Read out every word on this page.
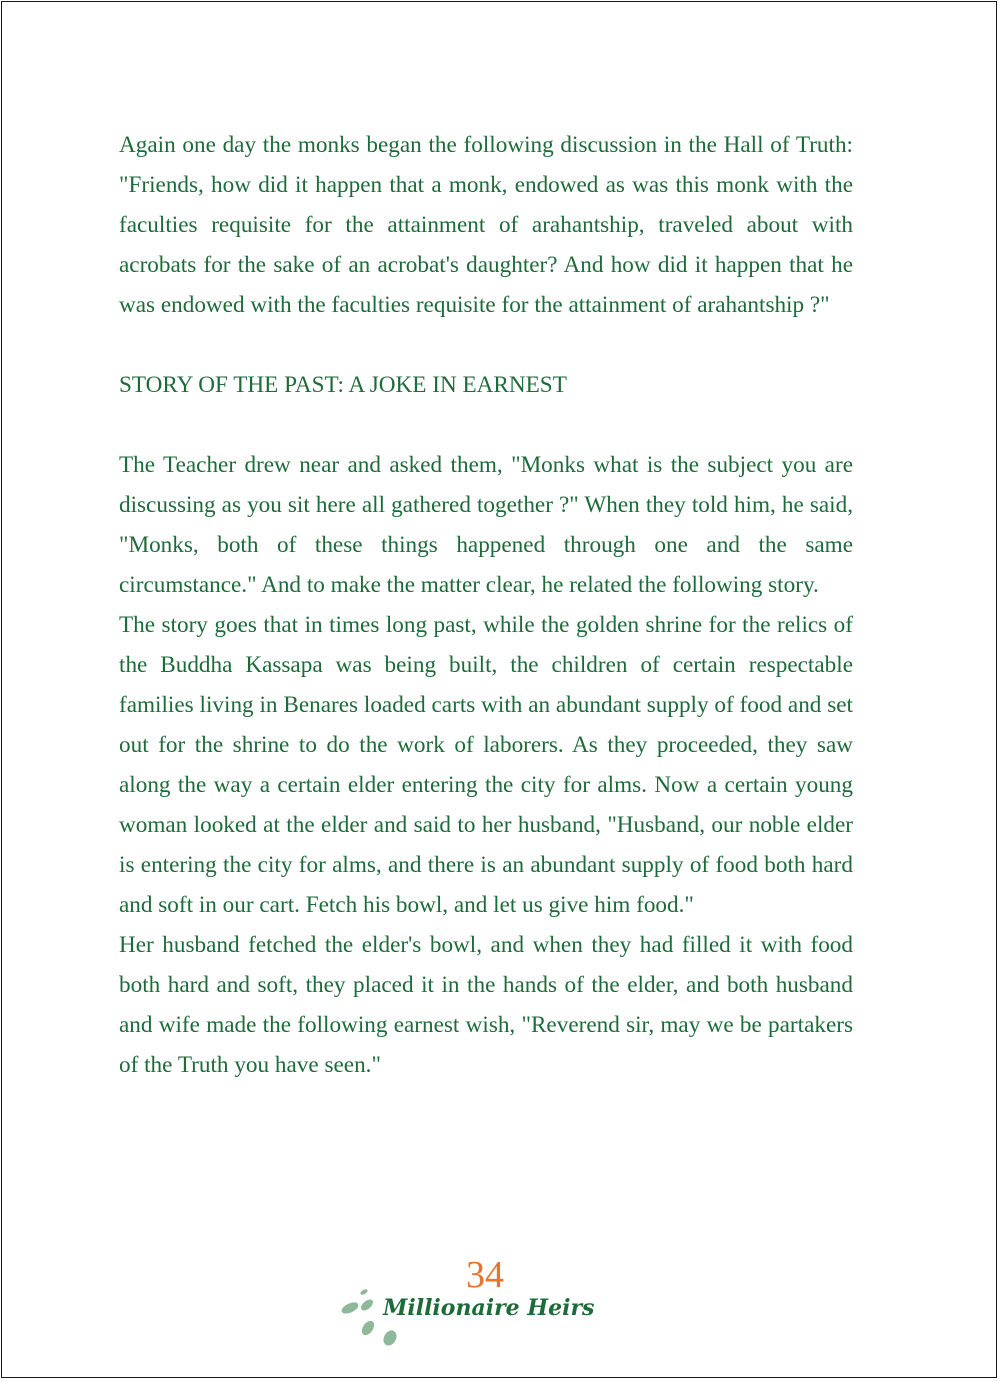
Again one day the monks began the following discussion in the Hall of Truth: "Friends, how did it happen that a monk, endowed as was this monk with the faculties requisite for the attainment of arahantship, traveled about with acrobats for the sake of an acrobat's daughter? And how did it happen that he was endowed with the faculties requisite for the attainment of arahantship ?"

STORY OF THE PAST: A JOKE IN EARNEST

The Teacher drew near and asked them, "Monks what is the subject you are discussing as you sit here all gathered together ?" When they told him, he said, "Monks, both of these things happened through one and the same circumstance." And to make the matter clear, he related the following story.

The story goes that in times long past, while the golden shrine for the relics of the Buddha Kassapa was being built, the children of certain respectable families living in Benares loaded carts with an abundant supply of food and set out for the shrine to do the work of laborers. As they proceeded, they saw along the way a certain elder entering the city for alms. Now a certain young woman looked at the elder and said to her husband, "Husband, our noble elder is entering the city for alms, and there is an abundant supply of food both hard and soft in our cart. Fetch his bowl, and let us give him food."

Her husband fetched the elder's bowl, and when they had filled it with food both hard and soft, they placed it in the hands of the elder, and both husband and wife made the following earnest wish, "Reverend sir, may we be partakers of the Truth you have seen."

34
Millionaire Heirs
